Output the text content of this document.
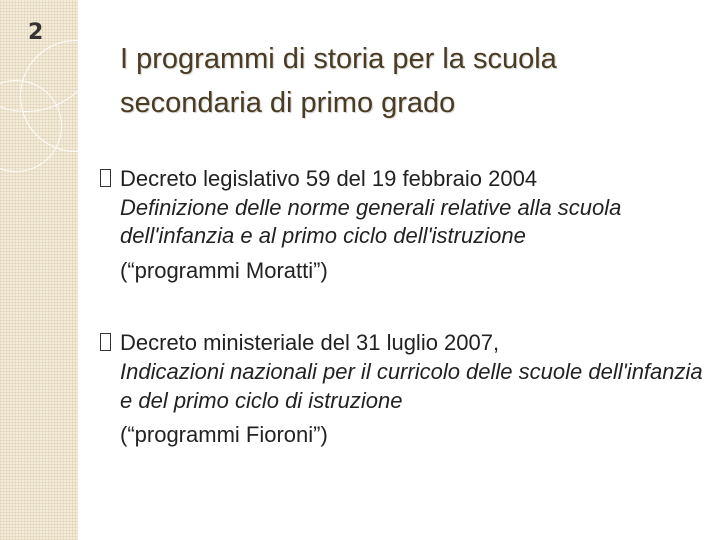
2
I programmi di storia per la scuola secondaria di primo grado
Decreto legislativo 59 del 19 febbraio 2004
Definizione delle norme generali relative alla scuola dell'infanzia e al primo ciclo dell'istruzione
(“programmi Moratti”)
Decreto ministeriale del 31 luglio 2007,
Indicazioni nazionali per il curricolo delle scuole dell'infanzia e del primo ciclo di istruzione
(“programmi Fioroni”)
